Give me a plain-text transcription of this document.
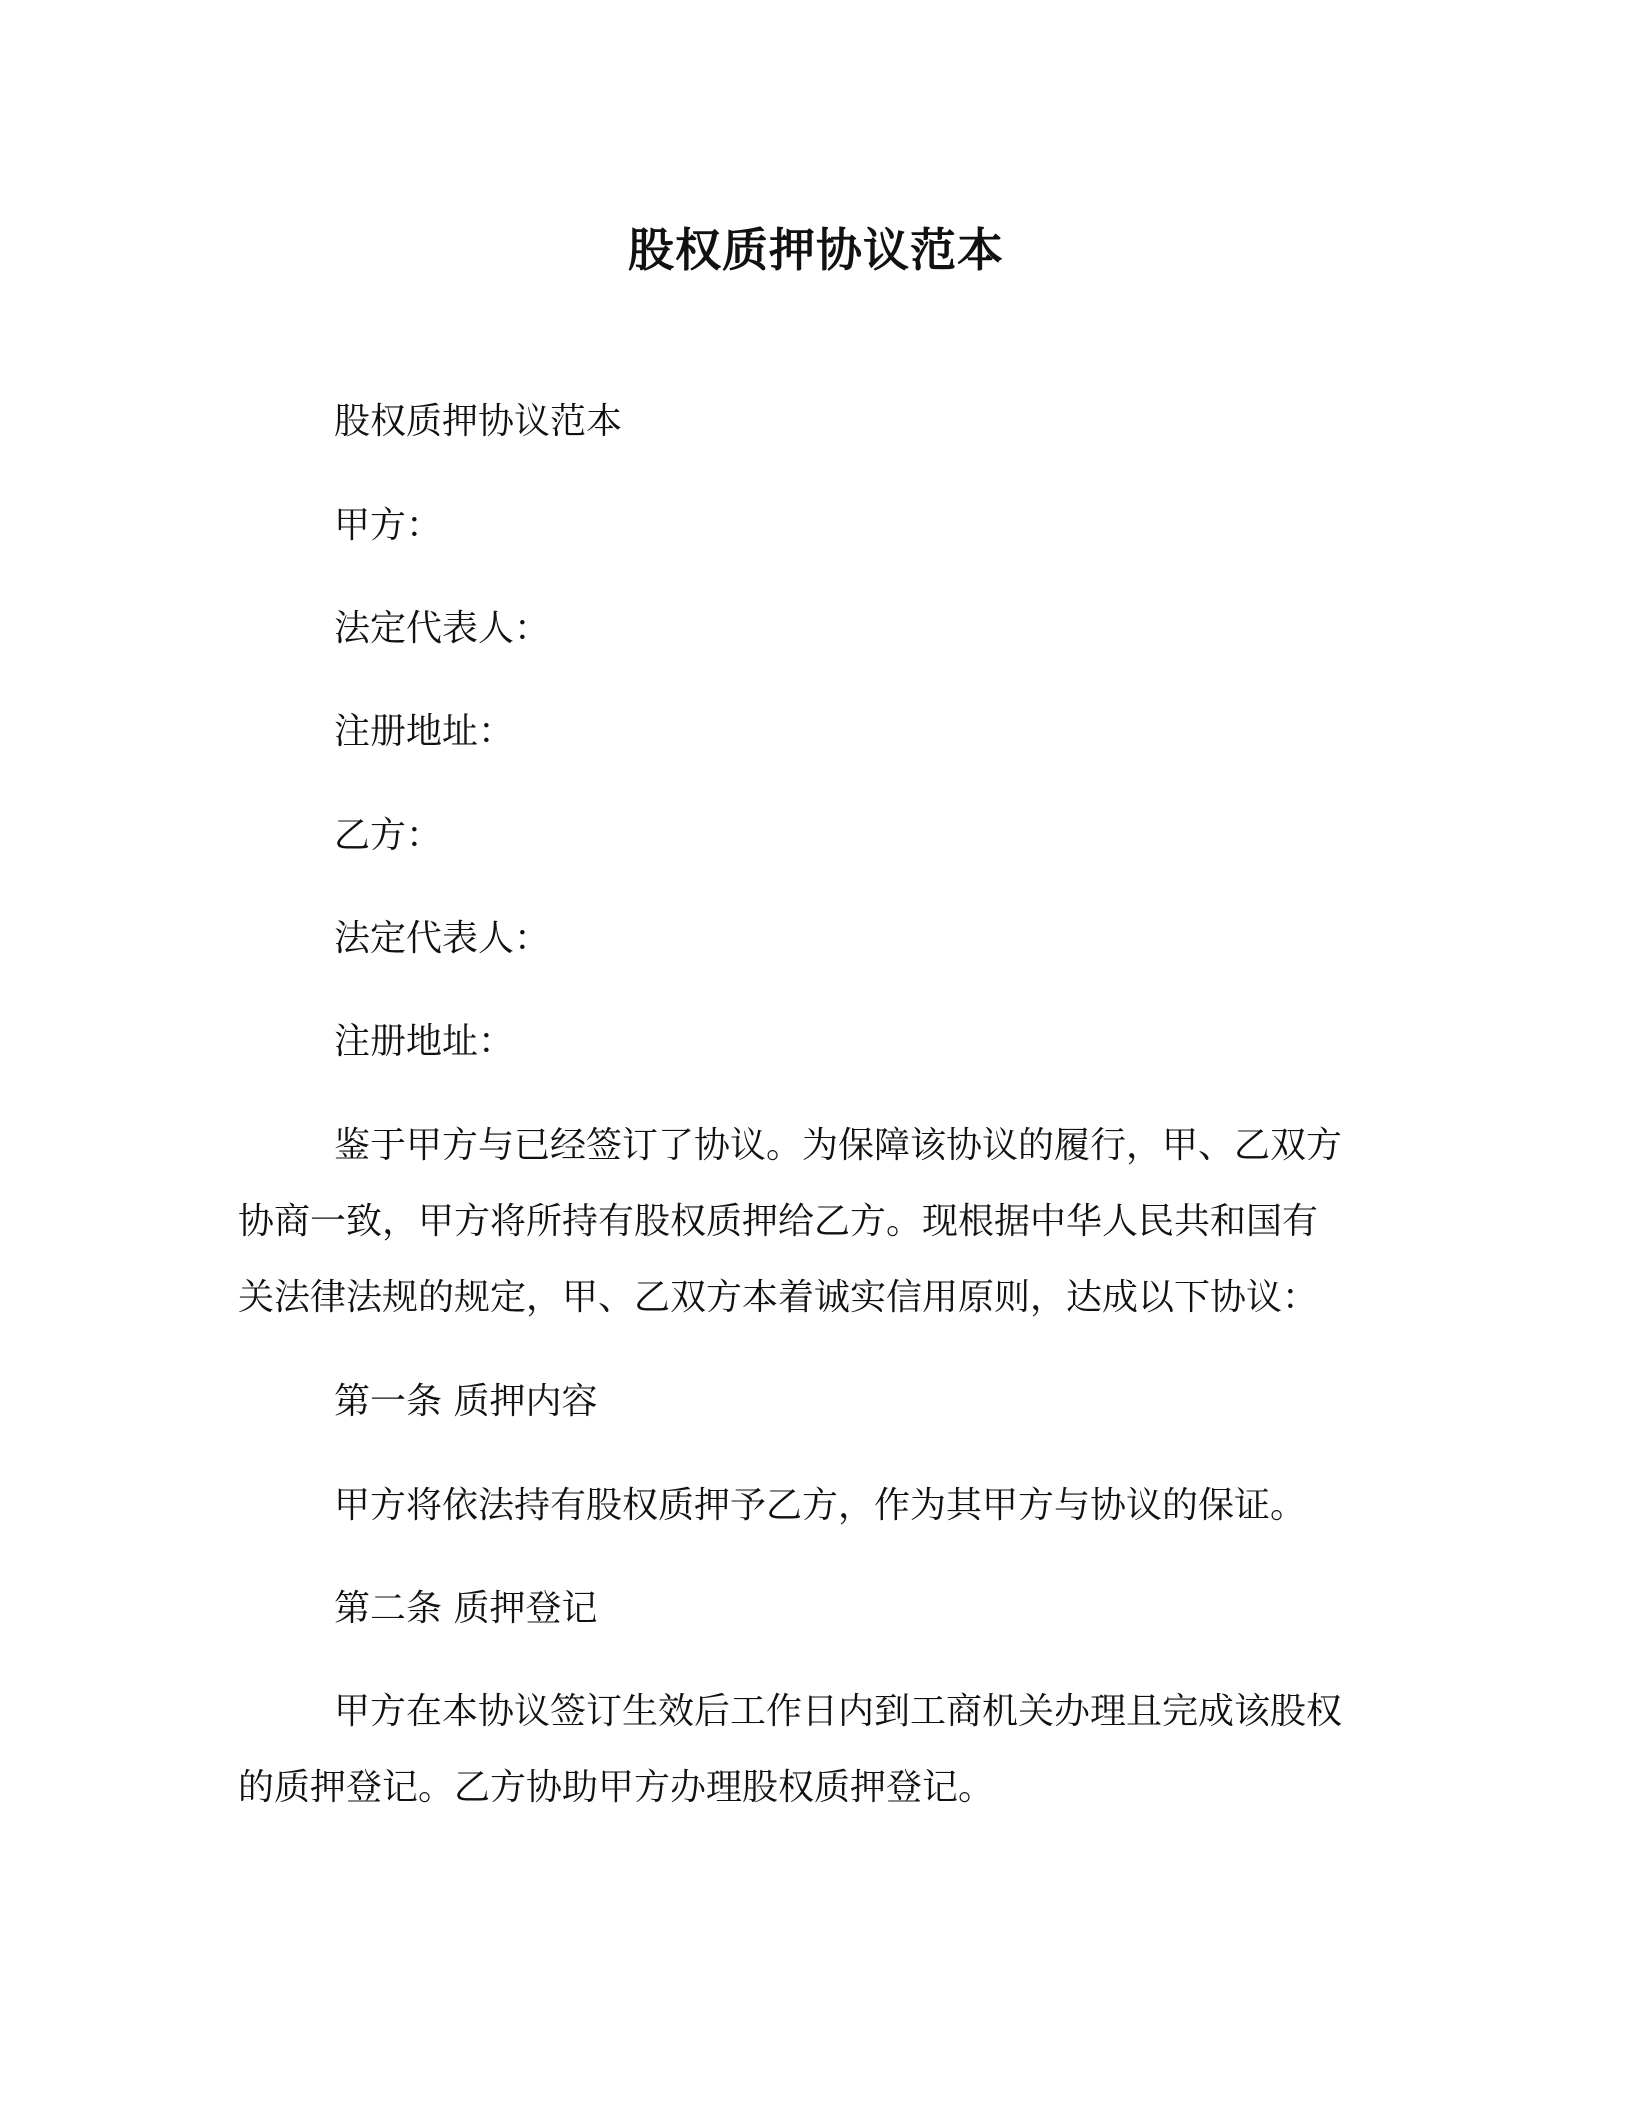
股权质押协议范本

股权质押协议范本

甲方：

法定代表人：

注册地址：

乙方：

法定代表人：

注册地址：

鉴于甲方与已经签订了协议。为保障该协议的履行，甲、乙双方

协商一致，甲方将所持有股权质押给乙方。现根据中华人民共和国有

关法律法规的规定，甲、乙双方本着诚实信用原则，达成以下协议：

第一条 质押内容

甲方将依法持有股权质押予乙方，作为其甲方与协议的保证。

第二条 质押登记

甲方在本协议签订生效后工作日内到工商机关办理且完成该股权

的质押登记。乙方协助甲方办理股权质押登记。
